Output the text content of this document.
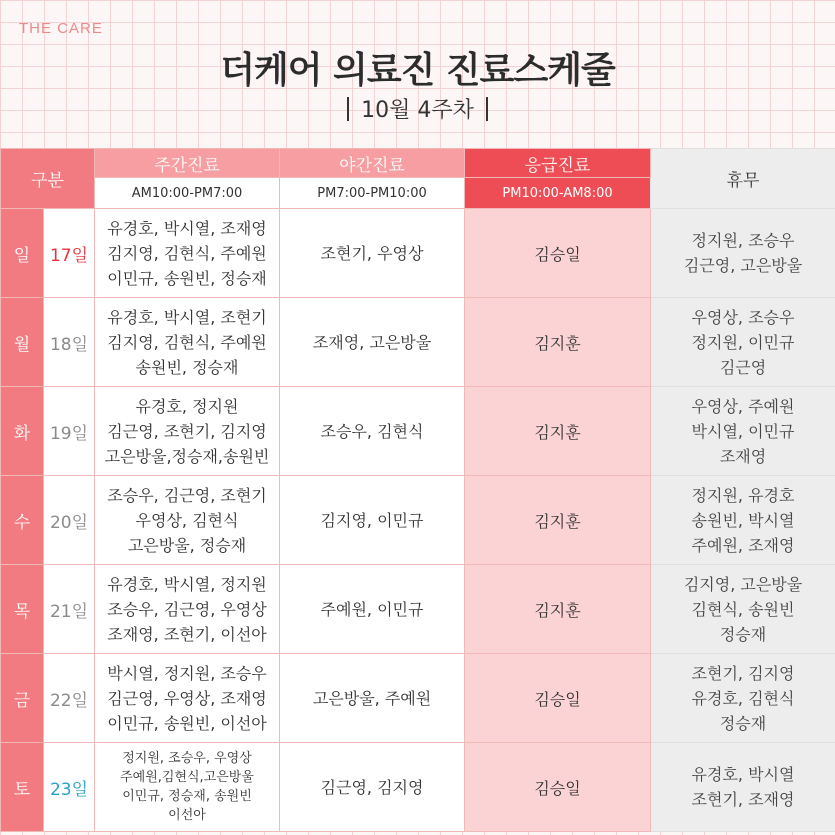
THE CARE
더케어 의료진 진료스케줄
10월 4주차
구분		주간진료	야간진료	응급진료	휴무
		AM10:00-PM7:00	PM7:00-PM10:00	PM10:00-AM8:00	
일	17일	유경호, 박시열, 조재영
김지영, 김현식, 주예원
이민규, 송원빈, 정승재	조현기, 우영상	김승일	정지원, 조승우
김근영, 고은방울

월	18일	유경호, 박시열, 조현기
김지영, 김현식, 주예원
송원빈, 정승재	조재영, 고은방울	김지훈	우영상, 조승우
정지원, 이민규
김근영

화	19일	유경호, 정지원
김근영, 조현기, 김지영
고은방울,정승재,송원빈	조승우, 김현식	김지훈	우영상, 주예원
박시열, 이민규
조재영

수	20일	조승우, 김근영, 조현기
우영상, 김현식
고은방울, 정승재	김지영, 이민규	김지훈	정지원, 유경호
송원빈, 박시열
주예원, 조재영

목	21일	유경호, 박시열, 정지원
조승우, 김근영, 우영상
조재영, 조현기, 이선아	주예원, 이민규	김지훈	김지영, 고은방울
김현식, 송원빈
정승재

금	22일	박시열, 정지원, 조승우
김근영, 우영상, 조재영
이민규, 송원빈, 이선아	고은방울, 주예원	김승일	조현기, 김지영
유경호, 김현식
정승재

토	23일	정지원, 조승우, 우영상
주예원,김현식,고은방울
이민규, 정승재, 송원빈
이선아	김근영, 김지영	김승일	유경호, 박시열
조현기, 조재영
